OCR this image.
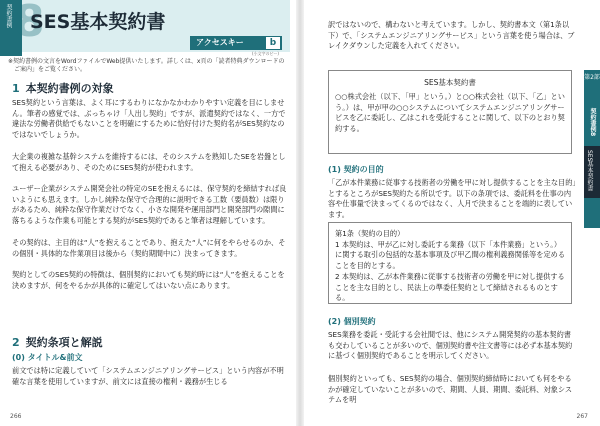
契約書例 8
SES基本契約書
アクセスキー	b
(小文字のビー)
※契約書例の文言をWordファイルでWeb提供いたします。詳しくは、x頁の「読者特典ダウンロードの
ご案内」をご覧ください。
1 本契約書例の対象
SES契約という言葉は、よく耳にするわりになかなかわかりやすい定義を目にしません。筆者の感覚では、ぶっちゃけ「人出し契約」ですが、派遣契約ではなく、一方で違法な労働者供給でもないことを明確にするために恰好付けた契約名がSES契約なのではないでしょうか。
大企業の複雑な基幹システムを維持するには、そのシステムを熟知したSEを岩盤として抱える必要があり、そのためにSES契約が使われます。
ユーザー企業がシステム開発会社の特定のSEを抱えるには、保守契約を締結すれば良いようにも思えます。しかし純粋な保守で合理的に説明できる工数（要員数）は限りがあるため、純粋な保守作業だけでなく、小さな開発や運用部門と開発部門の隙間に落ちるような作業も可能とする契約がSES契約であると筆者は理解しています。
その契約は、主目的は“人”を抱えることであり、抱えた“人”に何をやらせるのか、その個別・具体的な作業項目は後から（契約期間中に）決まってきます。
契約としてのSES契約の特徴は、個別契約においても契約時には“人”を抱えることを決めますが、何をやるかが具体的に確定してはいない点にあります。
2 契約条項と解説
(0) タイトル&前文
前文では特に定義していて「システムエンジニアリングサービス」という内容が不明確な言葉を使用していますが、前文には直接の権利・義務が生じる
266
訳ではないので、構わないと考えています。しかし、契約書本文（第1条以下）で、「システムエンジニアリングサービス」という言葉を使う場合は、ブレイクダウンした定義を入れてください。
SES基本契約書
○○株式会社（以下、「甲」という。）と○○株式会社（以下、「乙」という。）は、甲が甲の○○システムについてシステムエンジニアリングサービスを乙に委託し、乙はこれを受託することに関して、以下のとおり契約する。
(1) 契約の目的
「乙が本件業務に従事する技術者の労働を甲に対し提供することを主な目的」とするところがSES契約たる所以です。以下の条項では、委託料を仕事の内容や仕事量で決まってくるのではなく、人月で決まることを端的に表しています。
第1条（契約の目的）
1 本契約は、甲が乙に対し委託する業務（以下「本件業務」という。）に関する取引の包括的な基本事項及び甲乙間の権利義務関係等を定めることを目的とする。
2 本契約は、乙が本件業務に従事する技術者の労働を甲に対し提供することを主な目的とし、民法上の準委任契約として締結されるものとする。
(2) 個別契約
SES業務を委託・受託する会社間では、他にシステム開発契約の基本契約書も交わしていることが多いので、個別契約書や注文書等には必ず本基本契約に基づく個別契約であることを明示してください。
個別契約といっても、SES契約の場合、個別契約締結時においても何をやるかが確定していないことが多いので、期間、人員、期間、委託料、対象システムを明
第2部
契約書例8
SES基本契約書
267
